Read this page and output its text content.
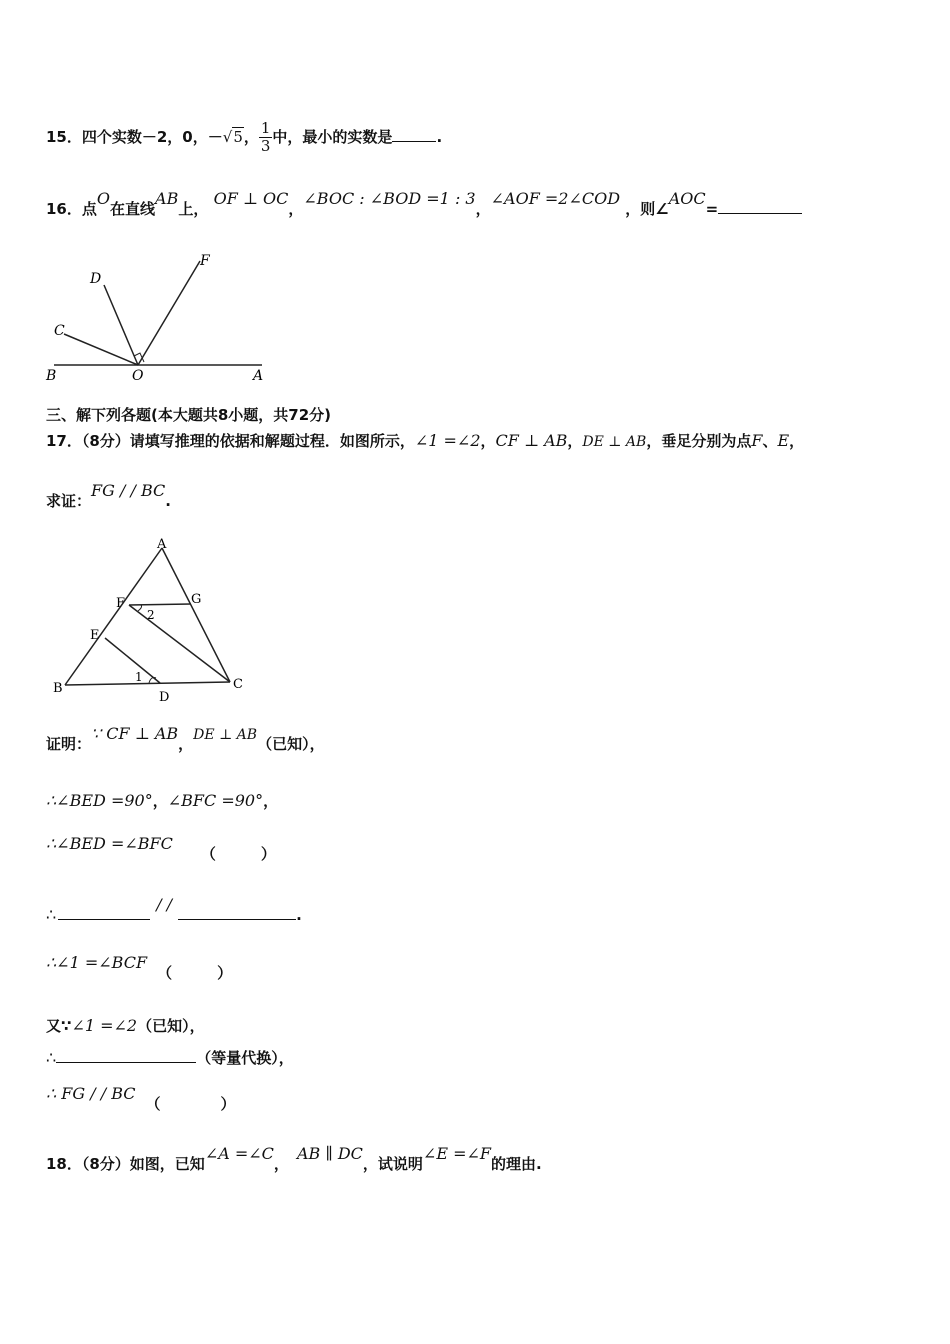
15．四个实数－2，0，－√5， $\frac{1}{3}$ 中，最小的实数是	.
16．点O在直线AB上， OF ⊥ OC，∠BOC : ∠BOD =1 : 3，∠AOF =2∠COD ，则∠AOC=
B	O	A
C
D
F
三、解下列各题(本大题共8小题，共72分)
17．（8分）请填写推理的依据和解题过程．如图所示，∠1 =∠2，CF ⊥ AB，DE ⊥ AB，垂足分别为点F、E，
求证：FG / / BC.
A
B	C
D
E
F	G
1
2
证明：∵ CF ⊥ AB，DE ⊥ AB（已知），
∴∠BED =90°，∠BFC =90°，
∴∠BED =∠BFC（　　　）
∴/ /.
∴∠1 =∠BCF（　　　）
又∵∠1 =∠2（已知），
∴	（等量代换），
∴ FG / / BC（　　　　）
18．（8分）如图，已知∠A =∠C，AB ∥ DC，试说明∠E =∠F的理由.
